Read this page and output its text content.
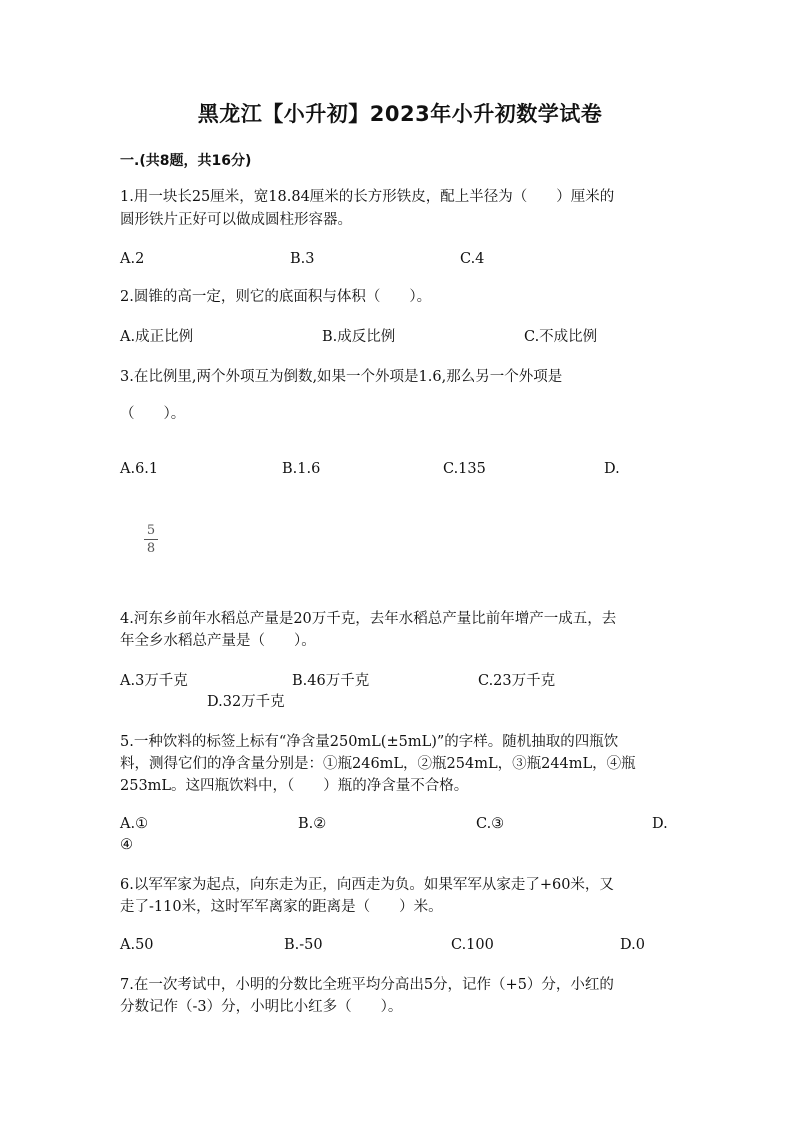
黑龙江【小升初】2023年小升初数学试卷
一.(共8题，共16分)
1.用一块长25厘米，宽18.84厘米的长方形铁皮，配上半径为（　　）厘米的
圆形铁片正好可以做成圆柱形容器。
A.2	B.3	C.4
2.圆锥的高一定，则它的底面积与体积（　　）。
A.成正比例	B.成反比例	C.不成比例
3.在比例里,两个外项互为倒数,如果一个外项是1.6,那么另一个外项是
（　　）。
A.6.1	B.1.6	C.135	D.
5
8
4.河东乡前年水稻总产量是20万千克，去年水稻总产量比前年增产一成五，去
年全乡水稻总产量是（　　）。
A.3万千克	B.46万千克	C.23万千克
D.32万千克
5.一种饮料的标签上标有“净含量250mL(±5mL)”的字样。随机抽取的四瓶饮
料，测得它们的净含量分别是：①瓶246mL，②瓶254mL，③瓶244mL，④瓶
253mL。这四瓶饮料中，（　　）瓶的净含量不合格。
A.①	B.②	C.③	D.
④
6.以军军家为起点，向东走为正，向西走为负。如果军军从家走了+60米，又
走了-110米，这时军军离家的距离是（　　）米。
A.50	B.-50	C.100	D.0
7.在一次考试中，小明的分数比全班平均分高出5分，记作（+5）分，小红的
分数记作（-3）分，小明比小红多（　　）。
